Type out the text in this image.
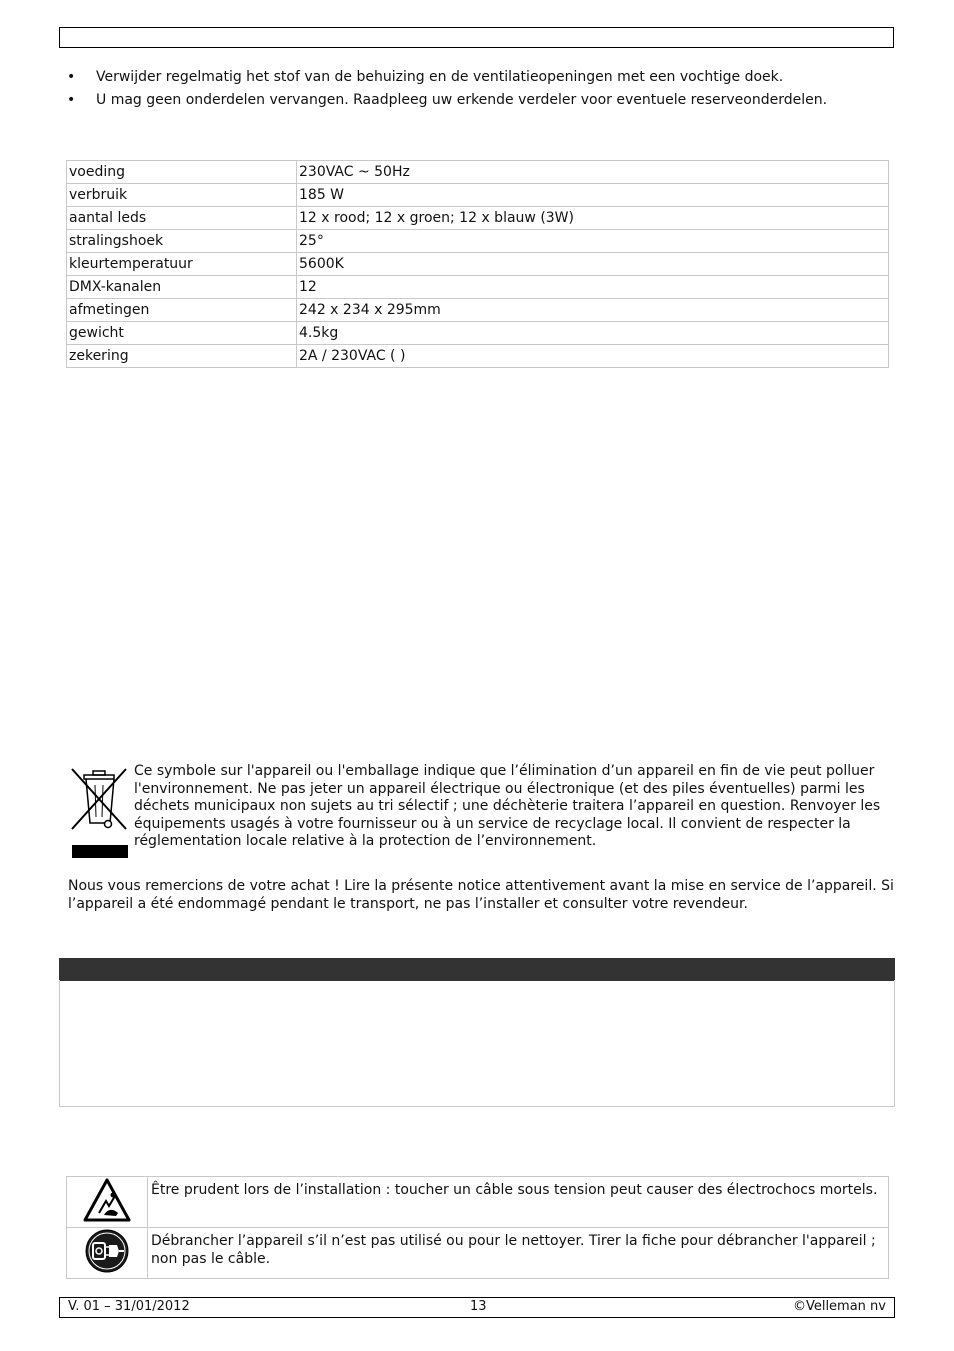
• Verwijder regelmatig het stof van de behuizing en de ventilatieopeningen met een vochtige doek.
• U mag geen onderdelen vervangen. Raadpleeg uw erkende verdeler voor eventuele reserveonderdelen.
voeding	230VAC ~ 50Hz
verbruik	185 W
aantal leds	12 x rood; 12 x groen; 12 x blauw (3W)
stralingshoek	25°
kleurtemperatuur	5600K
DMX-kanalen	12
afmetingen	242 x 234 x 295mm
gewicht	4.5kg
zekering	2A / 230VAC ( )
Ce symbole sur l'appareil ou l'emballage indique que l’élimination d’un appareil en fin de vie peut polluer l'environnement. Ne pas jeter un appareil électrique ou électronique (et des piles éventuelles) parmi les déchets municipaux non sujets au tri sélectif ; une déchèterie traitera l’appareil en question. Renvoyer les équipements usagés à votre fournisseur ou à un service de recyclage local. Il convient de respecter la réglementation locale relative à la protection de l’environnement.
Nous vous remercions de votre achat ! Lire la présente notice attentivement avant la mise en service de l’appareil. Si l’appareil a été endommagé pendant le transport, ne pas l’installer et consulter votre revendeur.
	Être prudent lors de l’installation : toucher un câble sous tension peut causer des électrochocs mortels.
	Débrancher l’appareil s’il n’est pas utilisé ou pour le nettoyer. Tirer la fiche pour débrancher l'appareil ; non pas le câble.
V. 01 – 31/01/2012	13	©Velleman nv
